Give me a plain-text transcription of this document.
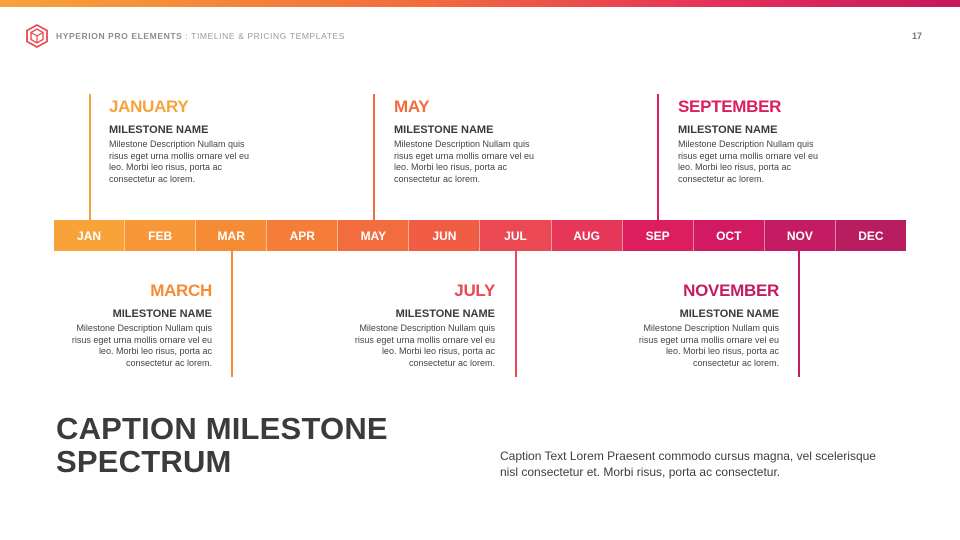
HYPERION PRO ELEMENTS : TIMELINE & PRICING TEMPLATES	17
JAN	FEB	MAR	APR	MAY	JUN	JUL	AUG	SEP	OCT	NOV	DEC
JANUARY
MILESTONE NAME
Milestone Description Nullam quis risus eget urna mollis ornare vel eu leo. Morbi leo risus, porta ac consectetur ac lorem.
MAY
MILESTONE NAME
Milestone Description Nullam quis risus eget urna mollis ornare vel eu leo. Morbi leo risus, porta ac consectetur ac lorem.
SEPTEMBER
MILESTONE NAME
Milestone Description Nullam quis risus eget urna mollis ornare vel eu leo. Morbi leo risus, porta ac consectetur ac lorem.
MARCH
MILESTONE NAME
Milestone Description Nullam quis risus eget urna mollis ornare vel eu leo. Morbi leo risus, porta ac consectetur ac lorem.
JULY
MILESTONE NAME
Milestone Description Nullam quis risus eget urna mollis ornare vel eu leo. Morbi leo risus, porta ac consectetur ac lorem.
NOVEMBER
MILESTONE NAME
Milestone Description Nullam quis risus eget urna mollis ornare vel eu leo. Morbi leo risus, porta ac consectetur ac lorem.
CAPTION MILESTONE SPECTRUM	Caption Text Lorem Praesent commodo cursus magna, vel scelerisque nisl consectetur et. Morbi risus, porta ac consectetur.
